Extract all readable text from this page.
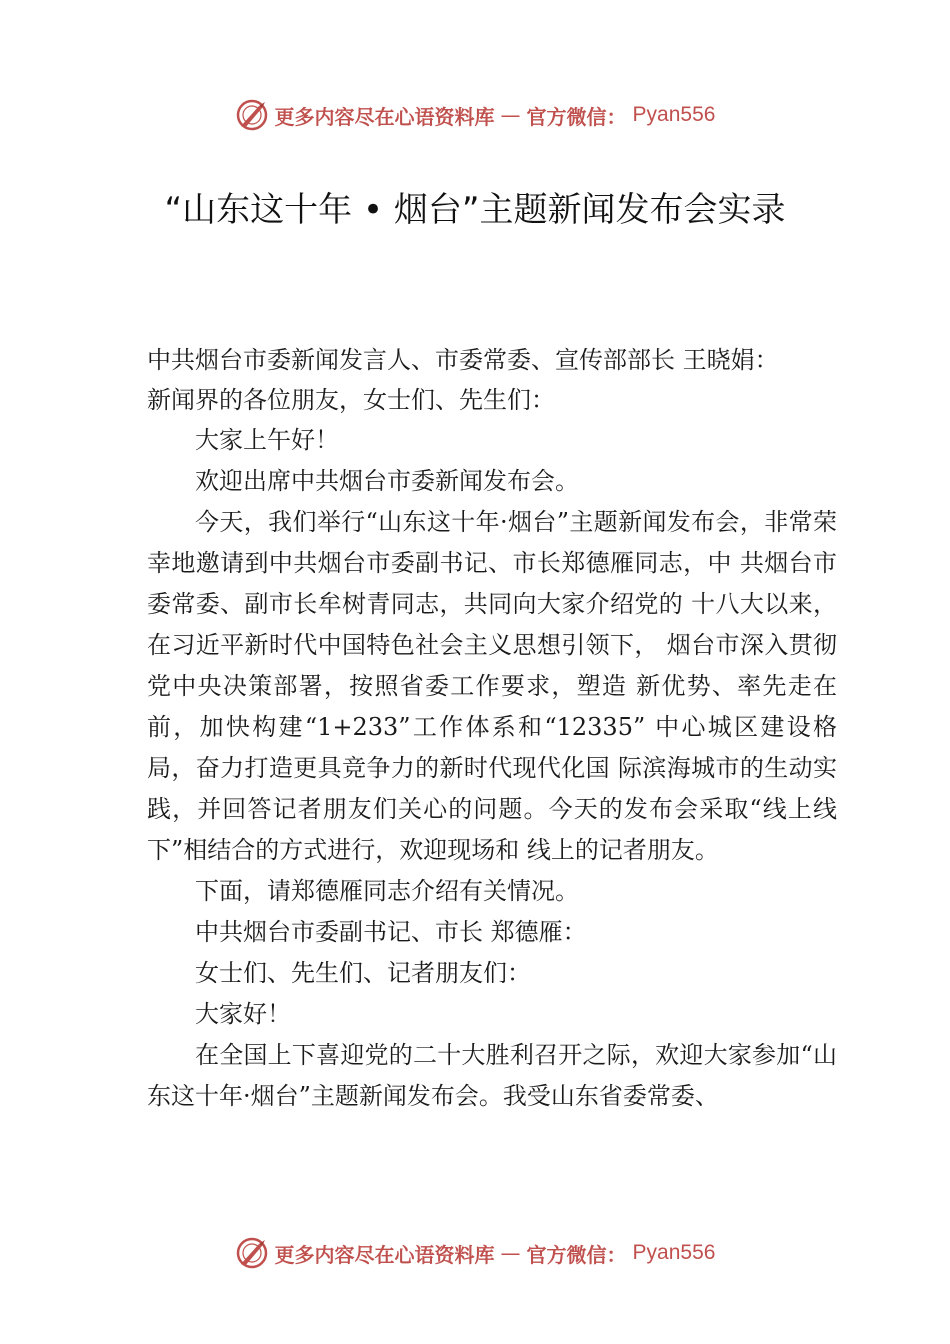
更多内容尽在心语资料库 — 官方微信： Pyan556
“山东这十年 • 烟台”主题新闻发布会实录

中共烟台市委新闻发言人、市委常委、宣传部部长 王晓娟：

新闻界的各位朋友，女士们、先生们：

大家上午好！

欢迎出席中共烟台市委新闻发布会。

今天，我们举行“山东这十年·烟台”主题新闻发布会，非常荣幸地邀请到中共烟台市委副书记、市长郑德雁同志，中 共烟台市委常委、副市长牟树青同志，共同向大家介绍党的 十八大以来，在习近平新时代中国特色社会主义思想引领下， 烟台市深入贯彻党中央决策部署，按照省委工作要求，塑造 新优势、率先走在前，加快构建“1+233”工作体系和“12335” 中心城区建设格局，奋力打造更具竞争力的新时代现代化国 际滨海城市的生动实践，并回答记者朋友们关心的问题。今天的发布会采取“线上线下”相结合的方式进行，欢迎现场和 线上的记者朋友。

下面，请郑德雁同志介绍有关情况。

中共烟台市委副书记、市长 郑德雁：

女士们、先生们、记者朋友们：

大家好！

在全国上下喜迎党的二十大胜利召开之际，欢迎大家参加“山东这十年·烟台”主题新闻发布会。我受山东省委常委、

更多内容尽在心语资料库 — 官方微信： Pyan556
